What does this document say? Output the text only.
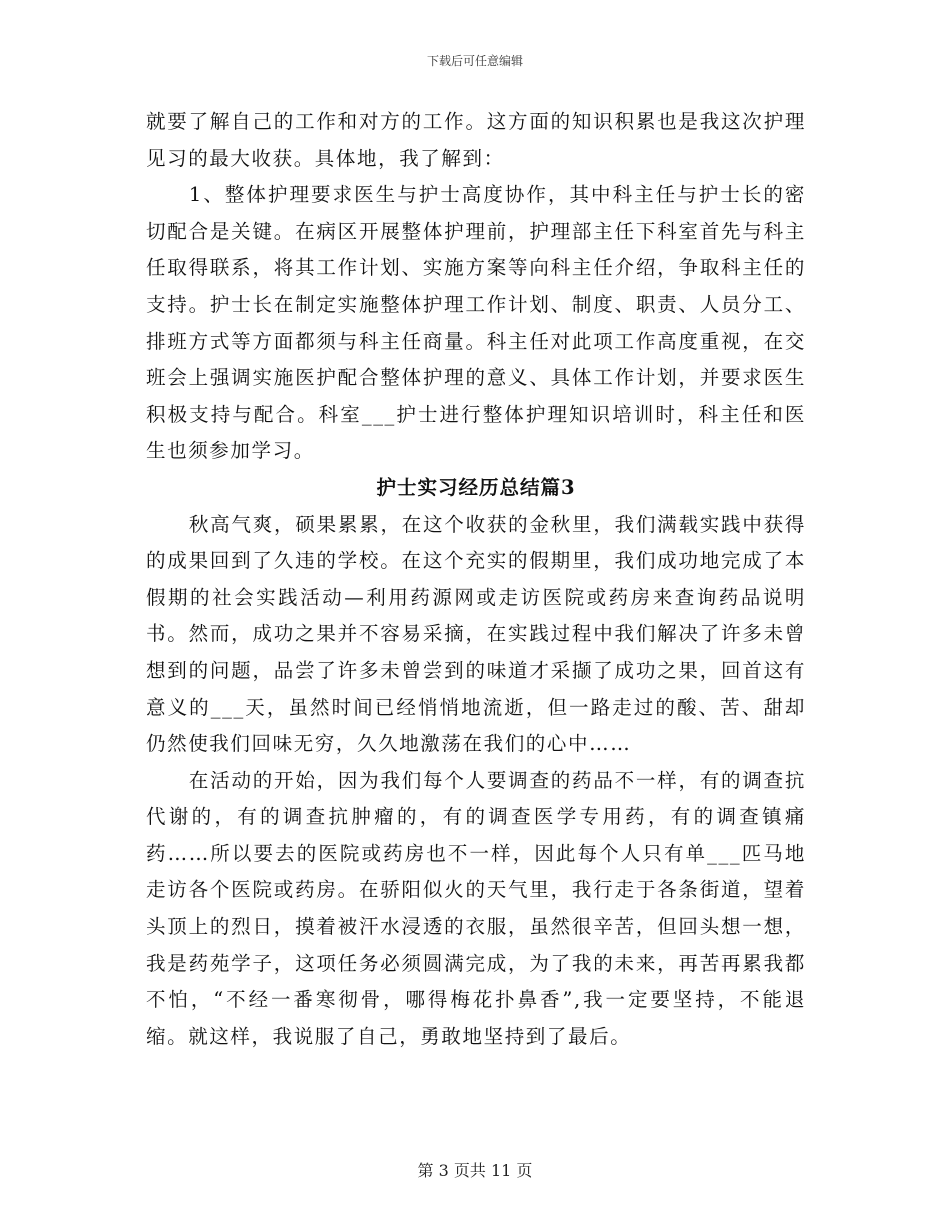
下载后可任意编辑

就要了解自己的工作和对方的工作。这方面的知识积累也是我这次护理见习的最大收获。具体地，我了解到：

1、整体护理要求医生与护士高度协作，其中科主任与护士长的密切配合是关键。在病区开展整体护理前，护理部主任下科室首先与科主任取得联系，将其工作计划、实施方案等向科主任介绍，争取科主任的支持。护士长在制定实施整体护理工作计划、制度、职责、人员分工、排班方式等方面都须与科主任商量。科主任对此项工作高度重视，在交班会上强调实施医护配合整体护理的意义、具体工作计划，并要求医生积极支持与配合。科室___护士进行整体护理知识培训时，科主任和医生也须参加学习。

护士实习经历总结篇3

秋高气爽，硕果累累，在这个收获的金秋里，我们满载实践中获得的成果回到了久违的学校。在这个充实的假期里，我们成功地完成了本假期的社会实践活动—利用药源网或走访医院或药房来查询药品说明书。然而，成功之果并不容易采摘，在实践过程中我们解决了许多未曾想到的问题，品尝了许多未曾尝到的味道才采撷了成功之果，回首这有意义的___天，虽然时间已经悄悄地流逝，但一路走过的酸、苦、甜却仍然使我们回味无穷，久久地激荡在我们的心中……

在活动的开始，因为我们每个人要调查的药品不一样，有的调查抗代谢的，有的调查抗肿瘤的，有的调查医学专用药，有的调查镇痛药……所以要去的医院或药房也不一样，因此每个人只有单___匹马地走访各个医院或药房。在骄阳似火的天气里，我行走于各条街道，望着头顶上的烈日，摸着被汗水浸透的衣服，虽然很辛苦，但回头想一想，我是药苑学子，这项任务必须圆满完成，为了我的未来，再苦再累我都不怕，“不经一番寒彻骨，哪得梅花扑鼻香”,我一定要坚持，不能退缩。就这样，我说服了自己，勇敢地坚持到了最后。

第 3 页共 11 页
